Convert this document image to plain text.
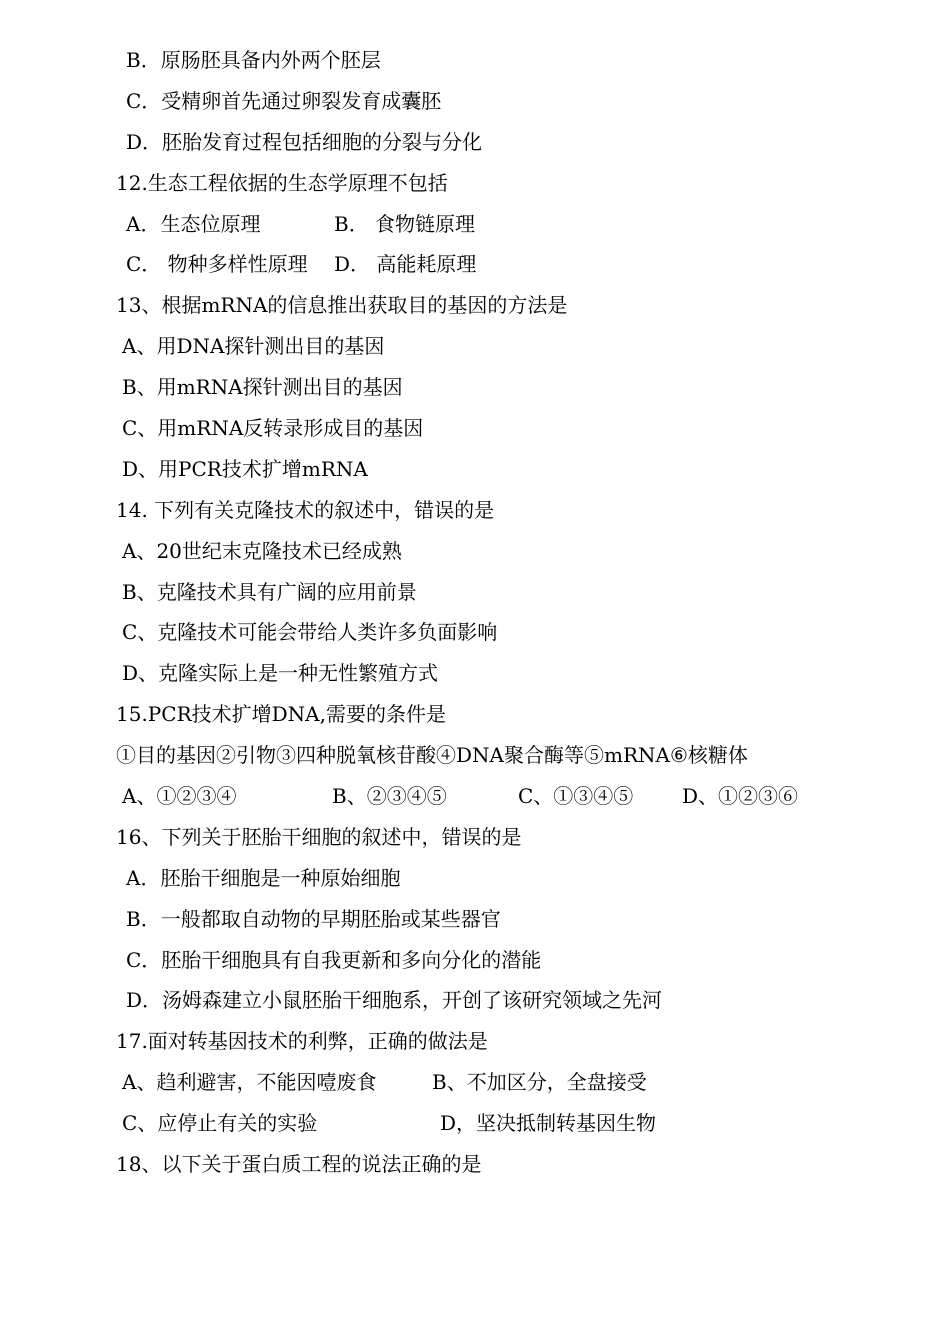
B．原肠胚具备内外两个胚层
C．受精卵首先通过卵裂发育成囊胚
D．胚胎发育过程包括细胞的分裂与分化
12.生态工程依据的生态学原理不包括

A．生态位原理

	B． 食物链原理

C． 物种多样性原理

D． 高能耗原理

13、根据mRNA的信息推出获取目的基因的方法是
A、用DNA探针测出目的基因
B、用mRNA探针测出目的基因
C、用mRNA反转录形成目的基因
D、用PCR技术扩增mRNA
14. 下列有关克隆技术的叙述中，错误的是
A、20世纪末克隆技术已经成熟
B、克隆技术具有广阔的应用前景
C、克隆技术可能会带给人类许多负面影响
D、克隆实际上是一种无性繁殖方式
15.PCR技术扩增DNA,需要的条件是
①目的基因②引物③四种脱氧核苷酸④DNA聚合酶等⑤mRNA⑥核糖体

A、①②③④

	B、②③④⑤

	C、①③④⑤

D、①②③⑥

16、下列关于胚胎干细胞的叙述中，错误的是
A．胚胎干细胞是一种原始细胞
B．一般都取自动物的早期胚胎或某些器官
C．胚胎干细胞具有自我更新和多向分化的潜能
D．汤姆森建立小鼠胚胎干细胞系，开创了该研究领域之先河
17.面对转基因技术的利弊，正确的做法是

A、趋利避害，不能因噎废食

	B、不加区分，全盘接受

C、应停止有关的实验

	D，坚决抵制转基因生物

18、以下关于蛋白质工程的说法正确的是
